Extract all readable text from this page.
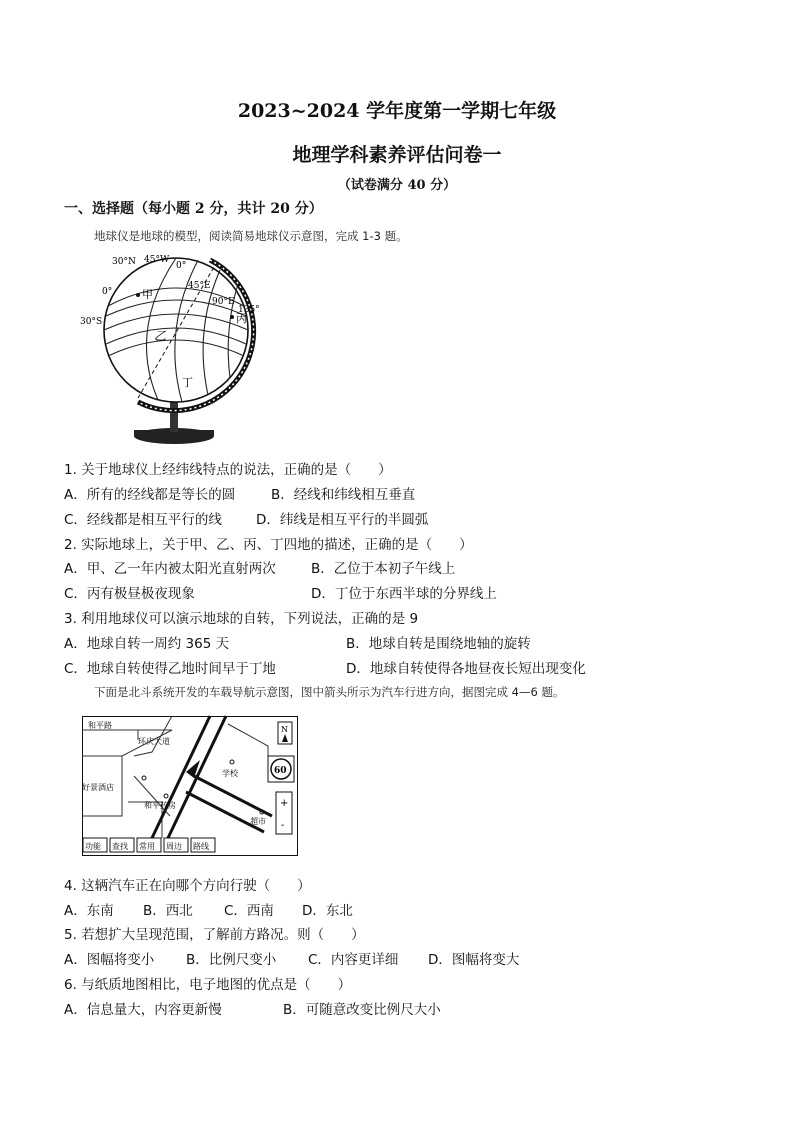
2023~2024 学年度第一学期七年级
地理学科素养评估问卷一
（试卷满分 40 分）
一、选择题（每小题 2 分，共计 20 分）
地球仪是地球的模型，阅读简易地球仪示意图，完成 1-3 题。
30°N
0°
30°S
45°W
0°
45°E
90°E
135°
甲
丙
乙
丁
1. 关于地球仪上经纬线特点的说法，正确的是（　　）
A．所有的经线都是等长的圆	B．经线和纬线相互垂直
C．经线都是相互平行的线	D．纬线是相互平行的半圆弧
2. 实际地球上，关于甲、乙、丙、丁四地的描述，正确的是（　　）
A．甲、乙一年内被太阳光直射两次	B．乙位于本初子午线上
C．丙有极昼极夜现象	D．丁位于东西半球的分界线上
3. 利用地球仪可以演示地球的自转，下列说法，正确的是 9
A．地球自转一周约 365 天	B．地球自转是围绕地轴的旋转
C．地球自转使得乙地时间早于丁地	D．地球自转使得各地昼夜长短出现变化
下面是北斗系统开发的车载导航示意图，图中箭头所示为汽车行进方向，据图完成 4—6 题。
和平路
环庆大道
好景酒店
和平药房
学校
超市
N
60
+
-
功能 查找 常用 周边 路线
4. 这辆汽车正在向哪个方向行驶（　　）
A．东南 B．西北 C．西南 D．东北
5. 若想扩大呈现范围，了解前方路况。则（　　）
A．图幅将变小 B．比例尺变小 C．内容更详细 D．图幅将变大
6. 与纸质地图相比，电子地图的优点是（　　）
A．信息量大，内容更新慢	B．可随意改变比例尺大小
